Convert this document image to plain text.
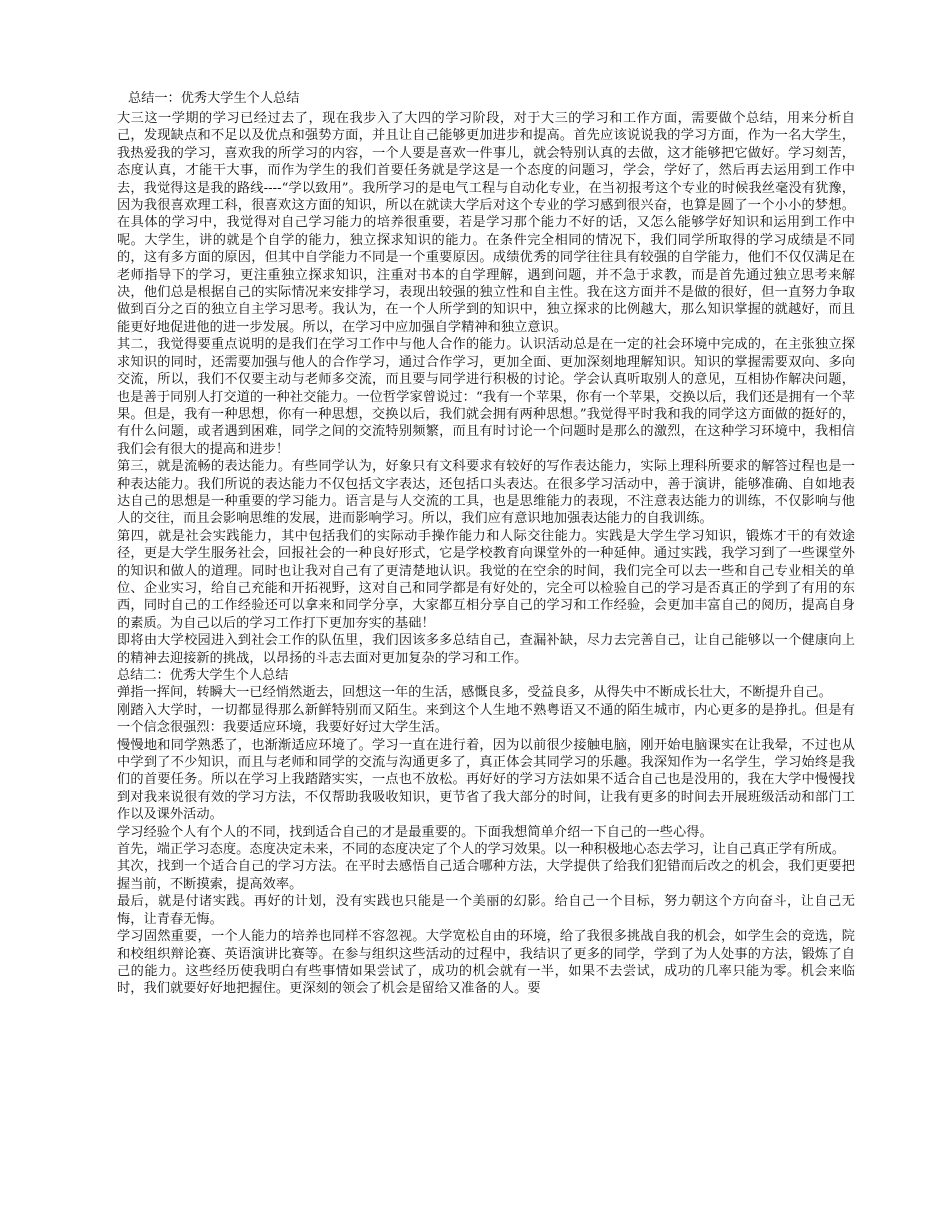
总结一：优秀大学生个人总结

大三这一学期的学习已经过去了，现在我步入了大四的学习阶段，对于大三的学习和工作方面，需要做个总结，用来分析自己，发现缺点和不足以及优点和强势方面，并且让自己能够更加进步和提高。首先应该说说我的学习方面，作为一名大学生，我热爱我的学习，喜欢我的所学习的内容，一个人要是喜欢一件事儿，就会特别认真的去做，这才能够把它做好。学习刻苦，态度认真，才能干大事，而作为学生的我们首要任务就是学这是一个态度的问题习，学会，学好了，然后再去运用到工作中去，我觉得这是我的路线----“学以致用”。我所学习的是电气工程与自动化专业，在当初报考这个专业的时候我丝毫没有犹豫，因为我很喜欢理工科，很喜欢这方面的知识，所以在就读大学后对这个专业的学习感到很兴奋，也算是圆了一个小小的梦想。在具体的学习中，我觉得对自己学习能力的培养很重要，若是学习那个能力不好的话，又怎么能够学好知识和运用到工作中呢。大学生，讲的就是个自学的能力，独立探求知识的能力。在条件完全相同的情况下，我们同学所取得的学习成绩是不同的，这有多方面的原因，但其中自学能力不同是一个重要原因。成绩优秀的同学往往具有较强的自学能力，他们不仅仅满足在老师指导下的学习，更注重独立探求知识，注重对书本的自学理解，遇到问题，并不急于求教，而是首先通过独立思考来解决，他们总是根据自己的实际情况来安排学习，表现出较强的独立性和自主性。我在这方面并不是做的很好，但一直努力争取做到百分之百的独立自主学习思考。我认为，在一个人所学到的知识中，独立探求的比例越大，那么知识掌握的就越好，而且能更好地促进他的进一步发展。所以，在学习中应加强自学精神和独立意识。

其二，我觉得要重点说明的是我们在学习工作中与他人合作的能力。认识活动总是在一定的社会环境中完成的，在主张独立探求知识的同时，还需要加强与他人的合作学习，通过合作学习，更加全面、更加深刻地理解知识。知识的掌握需要双向、多向交流，所以，我们不仅要主动与老师多交流，而且要与同学进行积极的讨论。学会认真听取别人的意见，互相协作解决问题，也是善于同别人打交道的一种社交能力。一位哲学家曾说过：“我有一个苹果，你有一个苹果，交换以后，我们还是拥有一个苹果。但是，我有一种思想，你有一种思想，交换以后，我们就会拥有两种思想。”我觉得平时我和我的同学这方面做的挺好的，有什么问题，或者遇到困难，同学之间的交流特别频繁，而且有时讨论一个问题时是那么的激烈，在这种学习环境中，我相信我们会有很大的提高和进步！

第三，就是流畅的表达能力。有些同学认为，好象只有文科要求有较好的写作表达能力，实际上理科所要求的解答过程也是一种表达能力。我们所说的表达能力不仅包括文字表达，还包括口头表达。在很多学习活动中，善于演讲，能够准确、自如地表达自己的思想是一种重要的学习能力。语言是与人交流的工具，也是思维能力的表现，不注意表达能力的训练，不仅影响与他人的交往，而且会影响思维的发展，进而影响学习。所以，我们应有意识地加强表达能力的自我训练。

第四，就是社会实践能力，其中包括我们的实际动手操作能力和人际交往能力。实践是大学生学习知识，锻炼才干的有效途径，更是大学生服务社会，回报社会的一种良好形式，它是学校教育向课堂外的一种延伸。通过实践，我学习到了一些课堂外的知识和做人的道理。同时也让我对自己有了更清楚地认识。我觉的在空余的时间，我们完全可以去一些和自己专业相关的单位、企业实习，给自己充能和开拓视野，这对自己和同学都是有好处的，完全可以检验自己的学习是否真正的学到了有用的东西，同时自己的工作经验还可以拿来和同学分享，大家都互相分享自己的学习和工作经验，会更加丰富自己的阅历，提高自身的素质。为自己以后的学习工作打下更加夯实的基础！

即将由大学校园进入到社会工作的队伍里，我们因该多多总结自己，查漏补缺，尽力去完善自己，让自己能够以一个健康向上的精神去迎接新的挑战，以昂扬的斗志去面对更加复杂的学习和工作。

总结二：优秀大学生个人总结

弹指一挥间，转瞬大一已经悄然逝去，回想这一年的生活，感慨良多，受益良多，从得失中不断成长壮大，不断提升自己。

刚踏入大学时，一切都显得那么新鲜特别而又陌生。来到这个人生地不熟粤语又不通的陌生城市，内心更多的是挣扎。但是有一个信念很强烈：我要适应环境，我要好好过大学生活。

慢慢地和同学熟悉了，也渐渐适应环境了。学习一直在进行着，因为以前很少接触电脑，刚开始电脑课实在让我晕，不过也从中学到了不少知识，而且与老师和同学的交流与沟通更多了，真正体会其同学习的乐趣。我深知作为一名学生，学习始终是我们的首要任务。所以在学习上我踏踏实实，一点也不放松。再好好的学习方法如果不适合自己也是没用的，我在大学中慢慢找到对我来说很有效的学习方法，不仅帮助我吸收知识，更节省了我大部分的时间，让我有更多的时间去开展班级活动和部门工作以及课外活动。

学习经验个人有个人的不同，找到适合自己的才是最重要的。下面我想简单介绍一下自己的一些心得。

首先，端正学习态度。态度决定未来，不同的态度决定了个人的学习效果。以一种积极地心态去学习，让自己真正学有所成。

其次，找到一个适合自己的学习方法。在平时去感悟自己适合哪种方法，大学提供了给我们犯错而后改之的机会，我们更要把握当前，不断摸索，提高效率。

最后，就是付诸实践。再好的计划，没有实践也只能是一个美丽的幻影。给自己一个目标，努力朝这个方向奋斗，让自己无悔，让青春无悔。

学习固然重要，一个人能力的培养也同样不容忽视。大学宽松自由的环境，给了我很多挑战自我的机会，如学生会的竞选，院和校组织辩论赛、英语演讲比赛等。在参与组织这些活动的过程中，我结识了更多的同学，学到了为人处事的方法，锻炼了自己的能力。这些经历使我明白有些事情如果尝试了，成功的机会就有一半，如果不去尝试，成功的几率只能为零。机会来临时，我们就要好好地把握住。更深刻的领会了机会是留给又准备的人。要
